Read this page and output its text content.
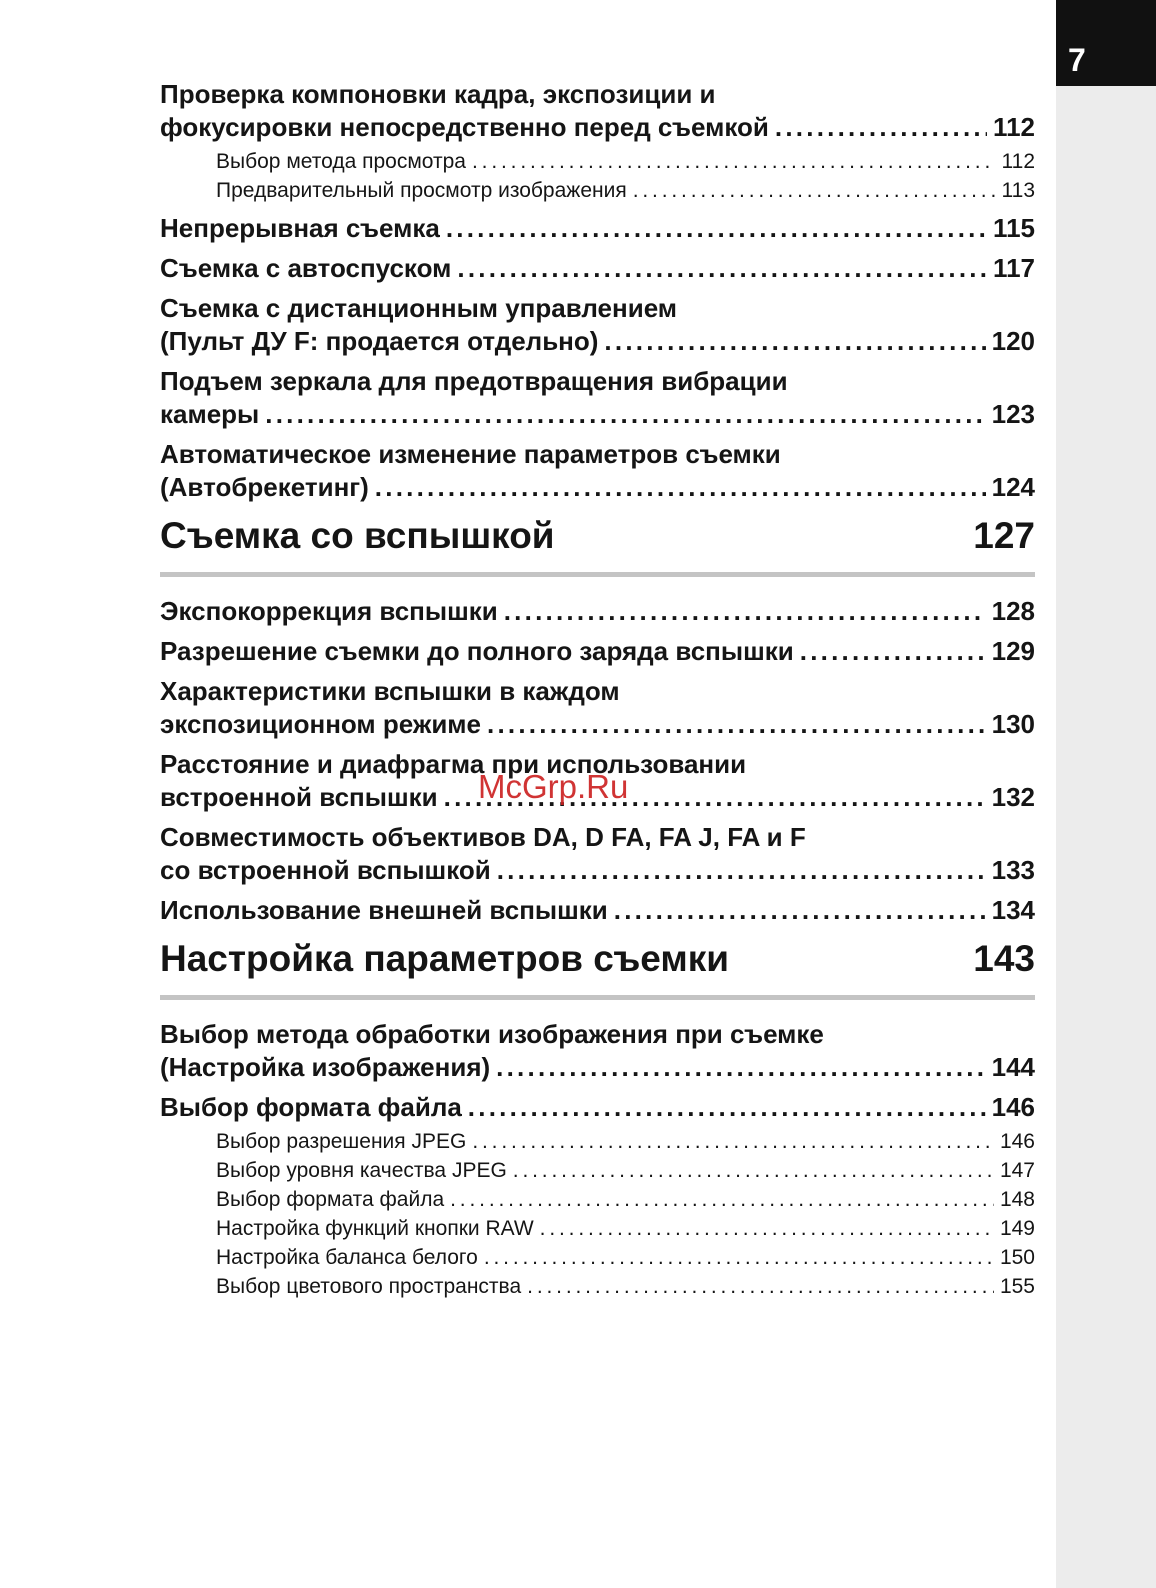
7
Проверка компоновки кадра, экспозиции и
фокусировки непосредственно перед съемкой . . .	112
Выбор метода просмотра . . .	112
Предварительный просмотр изображения . . .	113
Непрерывная съемка . . .	115
Съемка с автоспуском . . .	117
Съемка с дистанционным управлением
(Пульт ДУ F: продается отдельно) . . .	120
Подъем зеркала для предотвращения вибрации
камеры . . .	123
Автоматическое изменение параметров съемки
(Автобрекетинг) . . .	124
Съемка со вспышкой	127
Экспокоррекция вспышки . . .	128
Разрешение съемки до полного заряда вспышки . . .	129
Характеристики вспышки в каждом
экспозиционном режиме . . .	130
Расстояние и диафрагма при использовании
встроенной вспышки . . .	132
Совместимость объективов DA, D FA, FA J, FA и F
со встроенной вспышкой . . .	133
Использование внешней вспышки . . .	134
Настройка параметров съемки	143
Выбор метода обработки изображения при съемке
(Настройка изображения) . . .	144
Выбор формата файла . . .	146
Выбор разрешения JPEG . . .	146
Выбор уровня качества JPEG . . .	147
Выбор формата файла . . .	148
Настройка функций кнопки RAW . . .	149
Настройка баланса белого . . .	150
Выбор цветового пространства . . .	155
McGrp.Ru
